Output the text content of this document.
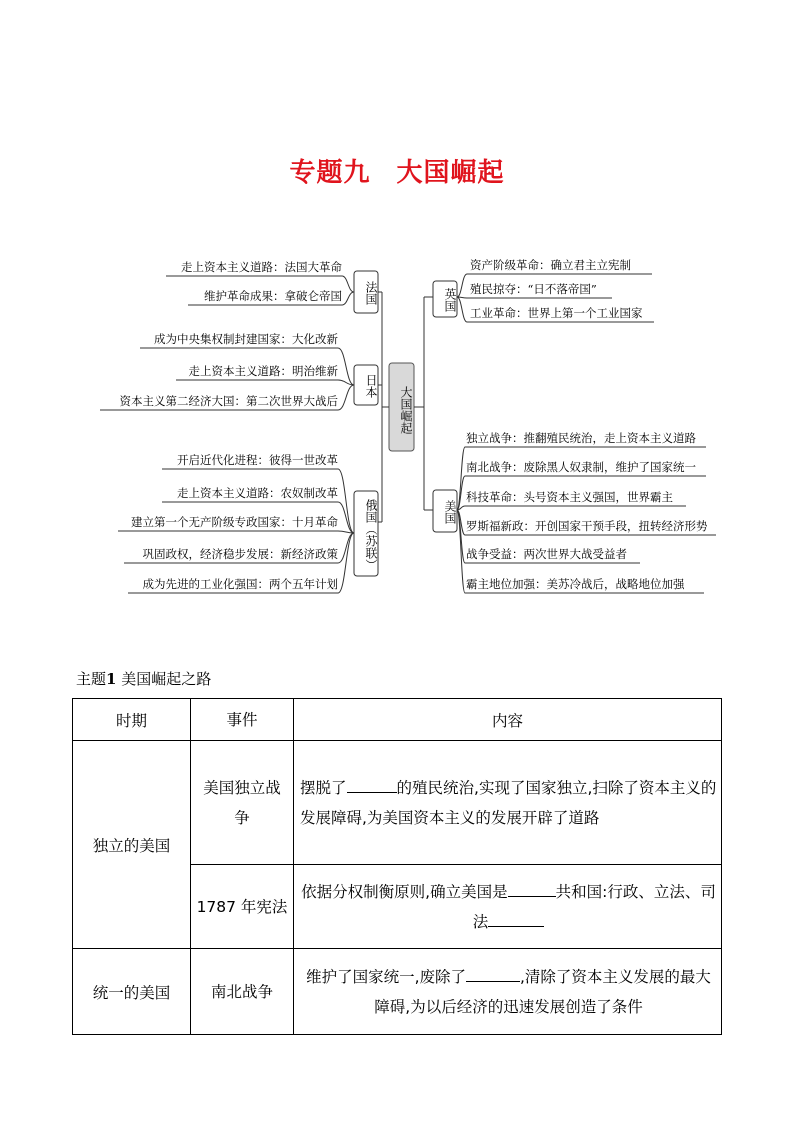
专题九 大国崛起
大国崛起
法国
日本
俄国（苏联）
英国
美国
走上资本主义道路：法国大革命
维护革命成果：拿破仑帝国
成为中央集权制封建国家：大化改新
走上资本主义道路：明治维新
资本主义第二经济大国：第二次世界大战后
开启近代化进程：彼得一世改革
走上资本主义道路：农奴制改革
建立第一个无产阶级专政国家：十月革命
巩固政权，经济稳步发展：新经济政策
成为先进的工业化强国：两个五年计划
资产阶级革命：确立君主立宪制
殖民掠夺：“日不落帝国”
工业革命：世界上第一个工业国家
独立战争：推翻殖民统治，走上资本主义道路
南北战争：废除黑人奴隶制，维护了国家统一
科技革命：头号资本主义强国，世界霸主
罗斯福新政：开创国家干预手段，扭转经济形势
战争受益：两次世界大战受益者
霸主地位加强：美苏冷战后，战略地位加强
主题1 美国崛起之路
时期	事件	内容
独立的美国	美国独立战争	摆脱了 的殖民统治,实现了国家独立,扫除了资本主义的发展障碍,为美国资本主义的发展开辟了道路
	1787 年宪法	依据分权制衡原则,确立美国是 共和国:行政、立法、司法
统一的美国	南北战争	维护了国家统一,废除了 ,清除了资本主义发展的最大障碍,为以后经济的迅速发展创造了条件
